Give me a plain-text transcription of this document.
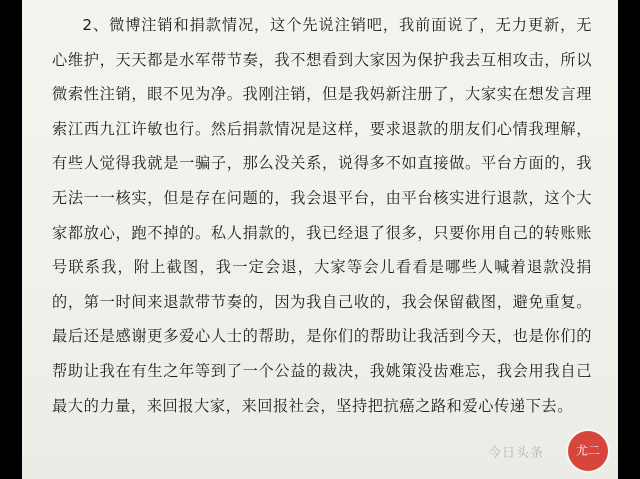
2、微博注销和捐款情况，这个先说注销吧，我前面说了，无力更新，无心维护，天天都是水军带节奏，我不想看到大家因为保护我去互相攻击，所以微索性注销，眼不见为净。我刚注销，但是我妈新注册了，大家实在想发言理索江西九江许敏也行。然后捐款情况是这样，要求退款的朋友们心情我理解，有些人觉得我就是一骗子，那么没关系，说得多不如直接做。平台方面的，我无法一一核实，但是存在问题的，我会退平台，由平台核实进行退款，这个大家都放心，跑不掉的。私人捐款的，我已经退了很多，只要你用自己的转账账号联系我，附上截图，我一定会退，大家等会儿看看是哪些人喊着退款没捐的，第一时间来退款带节奏的，因为我自己收的，我会保留截图，避免重复。最后还是感谢更多爱心人士的帮助，是你们的帮助让我活到今天，也是你们的帮助让我在有生之年等到了一个公益的裁决，我姚策没齿难忘，我会用我自己最大的力量，来回报大家，来回报社会，坚持把抗癌之路和爱心传递下去。
今日头条 尤二
